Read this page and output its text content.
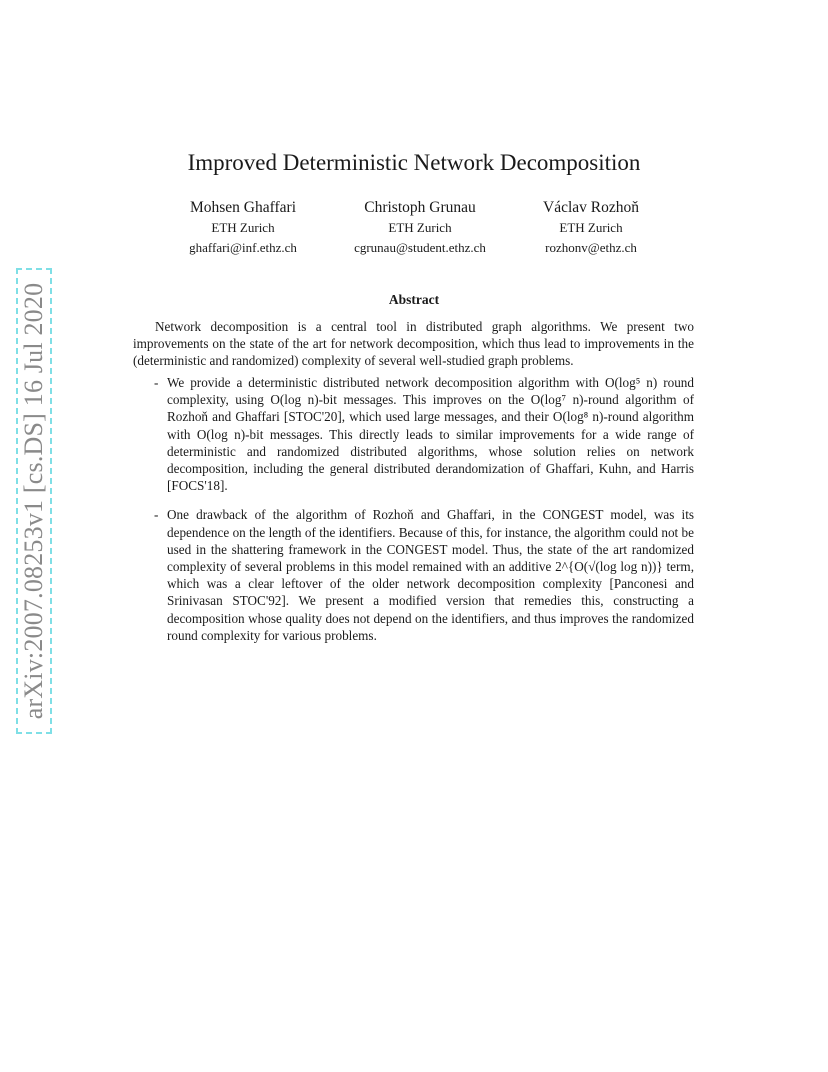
arXiv:2007.08253v1 [cs.DS] 16 Jul 2020
Improved Deterministic Network Decomposition
Mohsen Ghaffari
ETH Zurich
ghaffari@inf.ethz.ch
Christoph Grunau
ETH Zurich
cgrunau@student.ethz.ch
Václav Rozhoň
ETH Zurich
rozhonv@ethz.ch
Abstract

Network decomposition is a central tool in distributed graph algorithms. We present two improvements on the state of the art for network decomposition, which thus lead to improvements in the (deterministic and randomized) complexity of several well-studied graph problems.

- We provide a deterministic distributed network decomposition algorithm with O(log⁵ n) round complexity, using O(log n)-bit messages. This improves on the O(log⁷ n)-round algorithm of Rozhoň and Ghaffari [STOC'20], which used large messages, and their O(log⁸ n)-round algorithm with O(log n)-bit messages. This directly leads to similar improvements for a wide range of deterministic and randomized distributed algorithms, whose solution relies on network decomposition, including the general distributed derandomization of Ghaffari, Kuhn, and Harris [FOCS'18].
- One drawback of the algorithm of Rozhoň and Ghaffari, in the CONGEST model, was its dependence on the length of the identifiers. Because of this, for instance, the algorithm could not be used in the shattering framework in the CONGEST model. Thus, the state of the art randomized complexity of several problems in this model remained with an additive 2^{O(√(log log n))} term, which was a clear leftover of the older network decomposition complexity [Panconesi and Srinivasan STOC'92]. We present a modified version that remedies this, constructing a decomposition whose quality does not depend on the identifiers, and thus improves the randomized round complexity for various problems.
